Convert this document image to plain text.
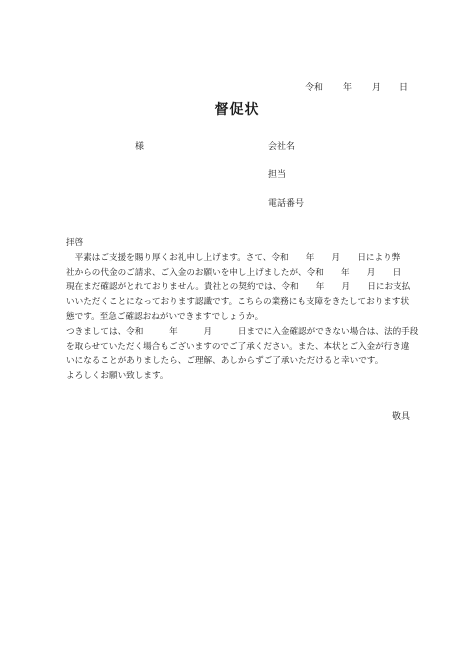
令和 年 月 日
督促状
様	会社名
担当
電話番号
拝啓
　平素はご支援を賜り厚くお礼申し上げます。さて、令和　　年　　月　　日により弊
社からの代金のご請求、ご入金のお願いを申し上げましたが、令和　　年　　月　　日
現在まだ確認がとれておりません。貴社との契約では、令和　　年　　月　　日にお支払
いいただくことになっております認識です。こちらの業務にも支障をきたしております状
態です。至急ご確認おねがいできますでしょうか。
つきましては、令和　　　年　　　月　　　日までに入金確認ができない場合は、法的手段
を取らせていただく場合もございますのでご了承ください。また、本状とご入金が行き違
いになることがありましたら、ご理解、あしからずご了承いただけると幸いです。
よろしくお願い致します。
敬具
